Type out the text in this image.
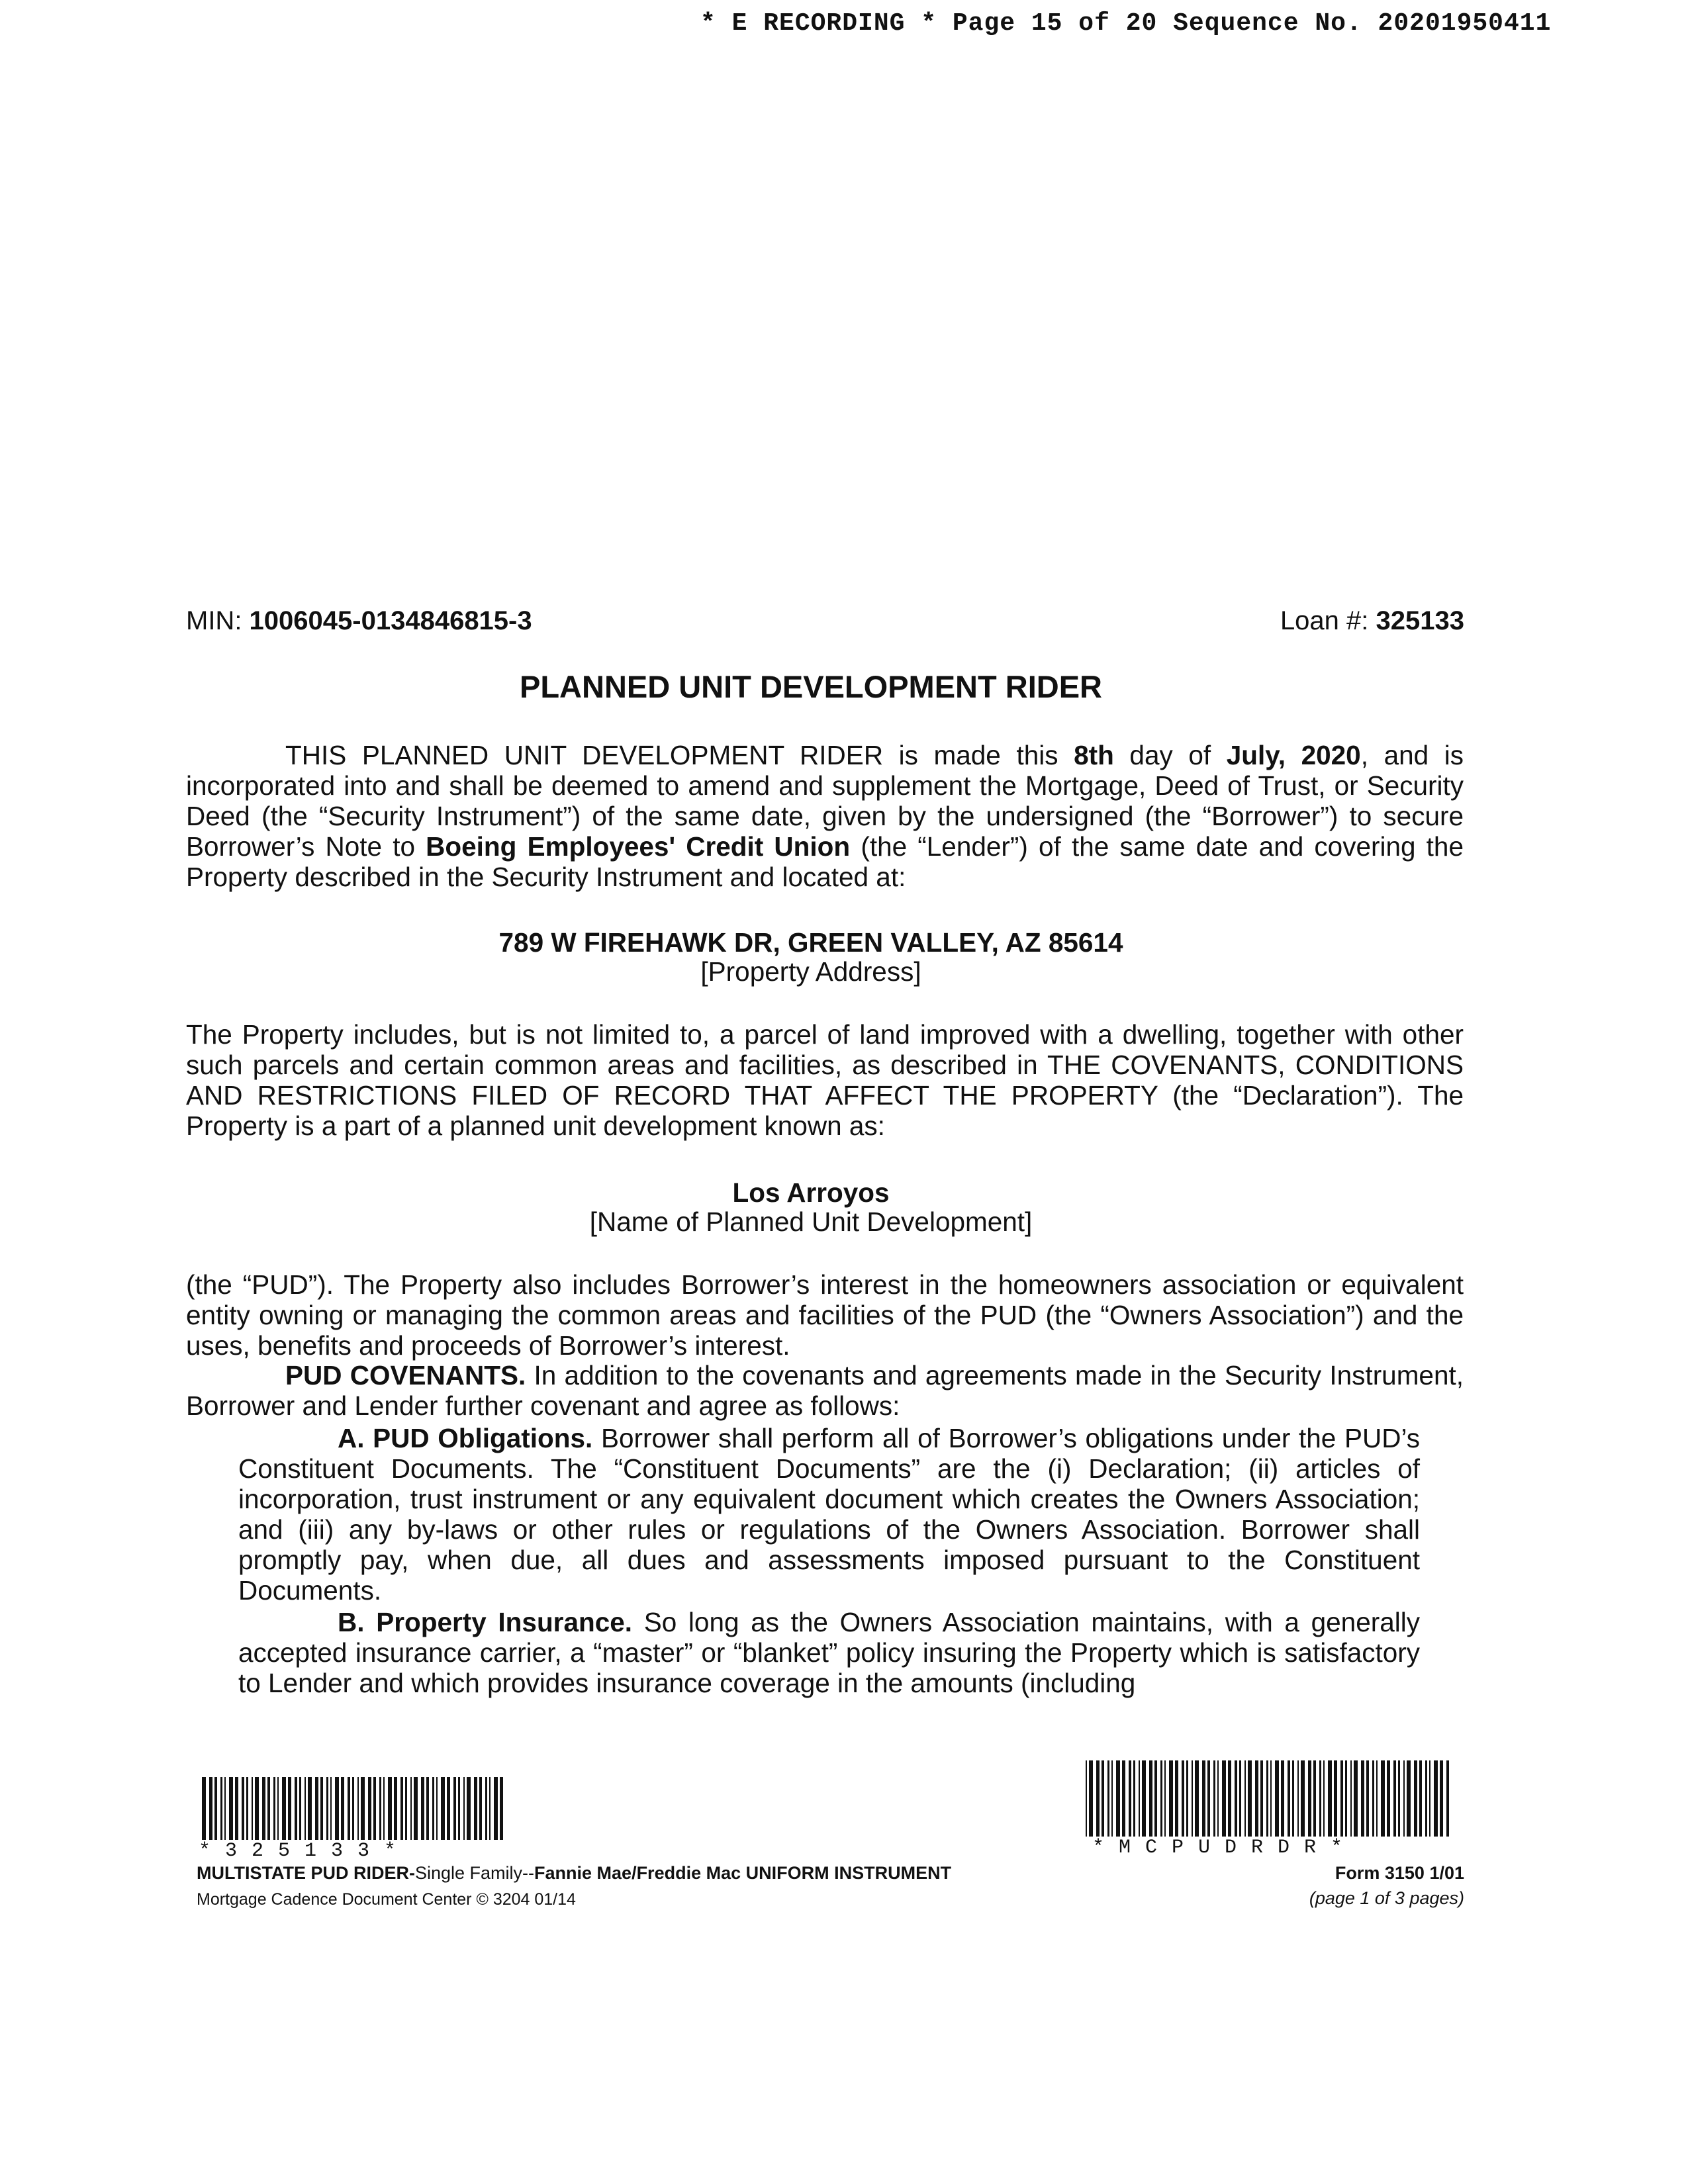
* E RECORDING * Page 15 of 20 Sequence No. 20201950411
MIN: 1006045-0134846815-3	Loan #: 325133
PLANNED UNIT DEVELOPMENT RIDER
THIS PLANNED UNIT DEVELOPMENT RIDER is made this 8th day of July, 2020, and is incorporated into and shall be deemed to amend and supplement the Mortgage, Deed of Trust, or Security Deed (the “Security Instrument”) of the same date, given by the undersigned (the “Borrower”) to secure Borrower’s Note to Boeing Employees' Credit Union (the “Lender”) of the same date and covering the Property described in the Security Instrument and located at:
789 W FIREHAWK DR, GREEN VALLEY, AZ 85614
[Property Address]
The Property includes, but is not limited to, a parcel of land improved with a dwelling, together with other such parcels and certain common areas and facilities, as described in THE COVENANTS, CONDITIONS AND RESTRICTIONS FILED OF RECORD THAT AFFECT THE PROPERTY (the “Declaration”). The Property is a part of a planned unit development known as:
Los Arroyos
[Name of Planned Unit Development]
(the “PUD”). The Property also includes Borrower’s interest in the homeowners association or equivalent entity owning or managing the common areas and facilities of the PUD (the “Owners Association”) and the uses, benefits and proceeds of Borrower’s interest.
PUD COVENANTS. In addition to the covenants and agreements made in the Security Instrument, Borrower and Lender further covenant and agree as follows:
A. PUD Obligations. Borrower shall perform all of Borrower’s obligations under the PUD’s Constituent Documents. The “Constituent Documents” are the (i) Declaration; (ii) articles of incorporation, trust instrument or any equivalent document which creates the Owners Association; and (iii) any by-laws or other rules or regulations of the Owners Association. Borrower shall promptly pay, when due, all dues and assessments imposed pursuant to the Constituent Documents.
B. Property Insurance. So long as the Owners Association maintains, with a generally accepted insurance carrier, a “master” or “blanket” policy insuring the Property which is satisfactory to Lender and which provides insurance coverage in the amounts (including
*325133*	*MCPUDRDR*
MULTISTATE PUD RIDER-Single Family--Fannie Mae/Freddie Mac UNIFORM INSTRUMENT
Mortgage Cadence Document Center © 3204 01/14
Form 3150 1/01
(page 1 of 3 pages)
